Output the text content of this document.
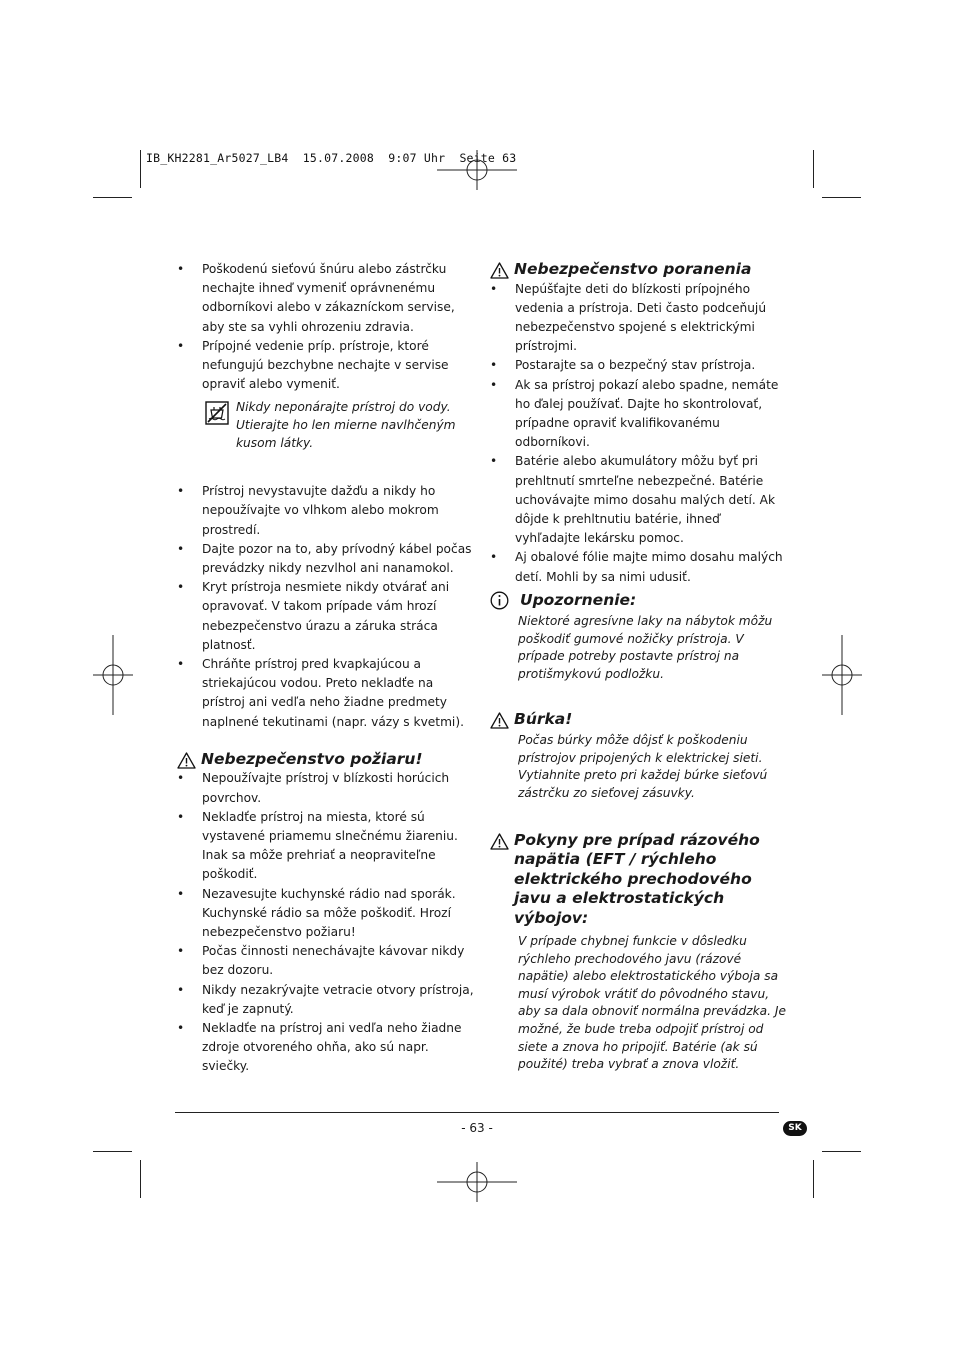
IB_KH2281_Ar5027_LB4  15.07.2008  9:07 Uhr  Seite 63
• Poškodenú sieťovú šnúru alebo zástrčku nechajte ihneď vymeniť oprávnenému odborníkovi alebo v zákazníckom servise, aby ste sa vyhli ohrozeniu zdravia.
• Prípojné vedenie príp. prístroje, ktoré nefungujú bezchybne nechajte v servise opraviť alebo vymeniť.
Nikdy neponárajte prístroj do vody. Utierajte ho len mierne navlhčeným kusom látky.
• Prístroj nevystavujte dažďu a nikdy ho nepoužívajte vo vlhkom alebo mokrom prostredí.
• Dajte pozor na to, aby prívodný kábel počas prevádzky nikdy nezvlhol ani nanamokol.
• Kryt prístroja nesmiete nikdy otvárať ani opravovať. V takom prípade vám hrozí nebezpečenstvo úrazu a záruka stráca platnosť.
• Chráňte prístroj pred kvapkajúcou a striekajúcou vodou. Preto nekladťe na prístroj ani vedľa neho žiadne predmety naplnené tekutinami (napr. vázy s kvetmi).
Nebezpečenstvo požiaru!
• Nepoužívajte prístroj v blízkosti horúcich povrchov.
• Nekladťe prístroj na miesta, ktoré sú vystavené priamemu slnečnému žiareniu. Inak sa môže prehriať a neopraviteľne poškodiť.
• Nezavesujte kuchynské rádio nad sporák. Kuchynské rádio sa môže poškodiť. Hrozí nebezpečenstvo požiaru!
• Počas činnosti nenechávajte kávovar nikdy bez dozoru.
• Nikdy nezakrývajte vetracie otvory prístroja, keď je zapnutý.
• Nekladťe na prístroj ani vedľa neho žiadne zdroje otvoreného ohňa, ako sú napr. sviečky.
Nebezpečenstvo poranenia
• Nepúšťajte deti do blízkosti prípojného vedenia a prístroja. Deti často podceňujú nebezpečenstvo spojené s elektrickými prístrojmi.
• Postarajte sa o bezpečný stav prístroja.
• Ak sa prístroj pokazí alebo spadne, nemáte ho ďalej používať. Dajte ho skontrolovať, prípadne opraviť kvalifikovanému odborníkovi.
• Batérie alebo akumulátory môžu byť pri prehltnutí smrteľne nebezpečné. Batérie uchovávajte mimo dosahu malých detí. Ak dôjde k prehltnutiu batérie, ihneď vyhľadajte lekársku pomoc.
• Aj obalové fólie majte mimo dosahu malých detí. Mohli by sa nimi udusiť.
Upozornenie:
Niektoré agresívne laky na nábytok môžu poškodiť gumové nožičky prístroja. V prípade potreby postavte prístroj na protišmykovú podložku.
Búrka!
Počas búrky môže dôjsť k poškodeniu prístrojov pripojených k elektrickej sieti. Vytiahnite preto pri každej búrke sieťovú zástrčku zo sieťovej zásuvky.
Pokyny pre prípad rázového napätia (EFT / rýchleho elektrického prechodového javu a elektrostatických výbojov:
V prípade chybnej funkcie v dôsledku rýchleho prechodového javu (rázové napätie) alebo elektrostatického výboja sa musí výrobok vrátiť do pôvodného stavu, aby sa dala obnoviť normálna prevádzka. Je možné, že bude treba odpojiť prístroj od siete a znova ho pripojiť. Batérie (ak sú použité) treba vybrať a znova vložiť.
- 63 -	SK
